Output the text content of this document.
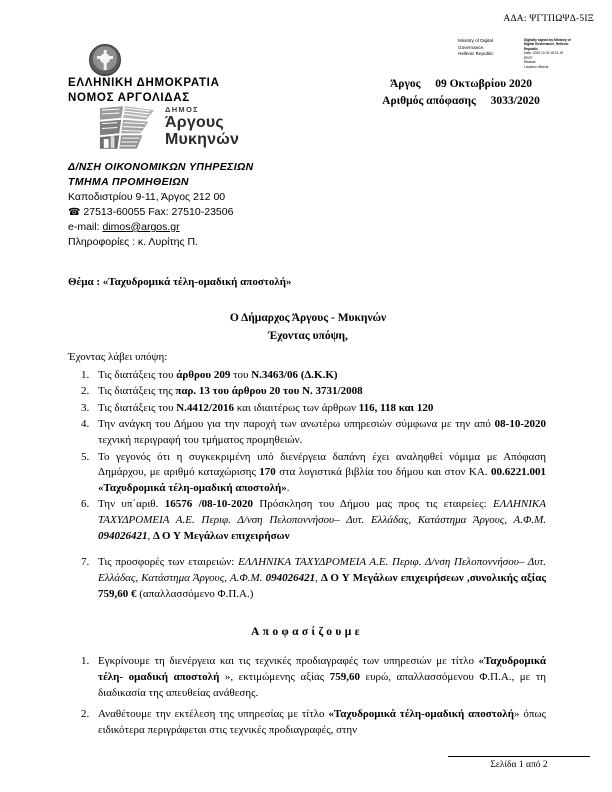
ΑΔΑ: ΨΓΤΠΩΨΔ-5ΙΞ
Ministry of Digital
Governance,
Hellenic Republic
Digitally signed by Ministry of
Digital Governance, Hellenic
Republic
Date: 2020.10.09 15:01:19
EEST
Reason:
Location: Athens
ΕΛΛΗΝΙΚΗ ΔΗΜΟΚΡΑΤΙΑ
ΝΟΜΟΣ ΑΡΓΟΛΙΔΑΣ
ΔΗΜΟΣ
Άργους
Μυκηνών
Άργος 09 Οκτωβρίου 2020
Αριθμός απόφασης 3033/2020
Δ/ΝΣΗ ΟΙΚΟΝΟΜΙΚΩΝ ΥΠΗΡΕΣΙΩΝ
ΤΜΗΜΑ ΠΡΟΜΗΘΕΙΩΝ
Καποδιστρίου 9-11, Άργος 212 00
☎ 27513-60055 Fax: 27510-23506
e-mail: dimos@argos.gr
Πληροφορίες : κ. Λυρίτης Π.
Θέμα : «Ταχυδρομικά τέλη-ομαδική αποστολή»
Ο Δήμαρχος Άργους - Μυκηνών
Έχοντας υπόψη,

Έχοντας λάβει υπόψη:

1. Τις διατάξεις του άρθρου 209 του Ν.3463/06 (Δ.Κ.Κ)
2. Τις διατάξεις της παρ. 13 του άρθρου 20 του Ν. 3731/2008
3. Τις διατάξεις του Ν.4412/2016 και ιδιαιτέρως των άρθρων 116, 118 και 120
4. Την ανάγκη του Δήμου για την παροχή των ανωτέρω υπηρεσιών σύμφωνα με την από 08-10-2020 τεχνική περιγραφή του τμήματος προμηθειών.
5. Το γεγονός ότι η συγκεκριμένη υπό διενέργεια δαπάνη έχει αναληφθεί νόμιμα με Απόφαση Δημάρχου, με αριθμό καταχώρισης 170 στα λογιστικά βιβλία του δήμου και στον ΚΑ. 00.6221.001 «Ταχυδρομικά τέλη-ομαδική αποστολή».
6. Την υπ΄αριθ. 16576 /08-10-2020 Πρόσκληση του Δήμου μας προς τις εταιρείες: ΕΛΛΗΝΙΚΑ ΤΑΧΥΔΡΟΜΕΙΑ Α.Ε. Περιφ. Δ/νση Πελοποννήσου– Δυτ. Ελλάδας, Κατάστημα Άργους, Α.Φ.Μ. 094026421, Δ Ο Υ Μεγάλων επιχειρήσων
7. Τις προσφορές των εταιρειών: ΕΛΛΗΝΙΚΑ ΤΑΧΥΔΡΟΜΕΙΑ Α.Ε. Περιφ. Δ/νση Πελοποννήσου– Δυτ. Ελλάδας, Κατάστημα Άργους, Α.Φ.Μ. 094026421, Δ Ο Υ Μεγάλων επιχειρήσεων ,συνολικής αξίας 759,60 € (απαλλασσόμενο Φ.Π.Α.)
Αποφασίζουμε
1. Εγκρίνουμε τη διενέργεια και τις τεχνικές προδιαγραφές των υπηρεσιών με τίτλο «Ταχυδρομικά τέλη- ομαδική αποστολή », εκτιμώμενης αξίας 759,60 ευρώ, απαλλασσόμενου Φ.Π.Α., με τη διαδικασία της απευθείας ανάθεσης.
2. Αναθέτουμε την εκτέλεση της υπηρεσίας με τίτλο «Ταχυδρομικά τέλη-ομαδική αποστολή» όπως ειδικότερα περιγράφεται στις τεχνικές προδιαγραφές, στην
Σελίδα 1 από 2
